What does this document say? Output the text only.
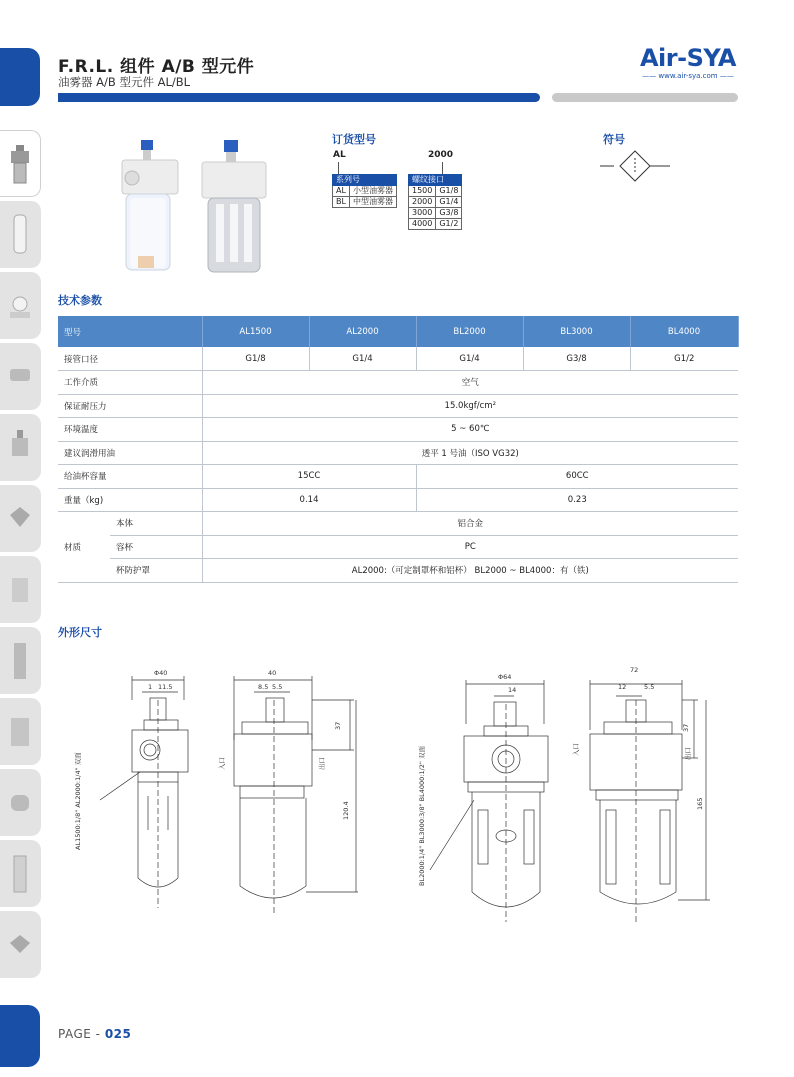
F.R.L. 组件 A/B 型元件
油雾器 A/B 型元件 AL/BL
Air-SYA
—— www.air-sya.com ——
订货型号
AL	2000
系列号	
AL	小型油雾器
BL	中型油雾器
螺纹接口	
1500	G1/8
2000	G1/4
3000	G3/8
4000	G1/2
符号
技术参数
型号		AL1500	AL2000	BL2000	BL3000	BL4000
接管口径		G1/8	G1/4	G1/4	G3/8	G1/2
工作介质		空气				
保证耐压力		15.0kgf/cm²				
环境温度		5 ~ 60℃				
建议润滑用油		透平 1 号油（ISO VG32)				
给油杯容量		15CC		60CC		
重量（kg)		0.14		0.23		
材质	本体	铝合金				
	容杯	PC				
	杯防护罩	AL2000:（可定制罩杯和铝杯） BL2000 ~ BL4000：有（铁)				
外形尺寸
Φ40
1 11.5
AL1500:1/8" AL2000:1/4" 双面
40
8.5 5.5
37
120.4
入口	出口
Φ64
14
BL2000:1/4" BL3000:3/8" BL4000:1/2" 双面
72
12	5.5
37
165
入口	出口
PAGE - 025
